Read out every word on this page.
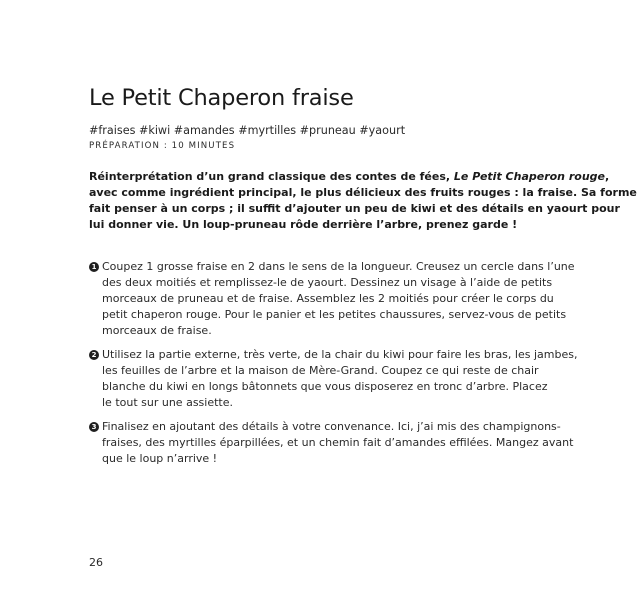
Le Petit Chaperon fraise
#fraises #kiwi #amandes #myrtilles #pruneau #yaourt
PRÉPARATION : 10 MINUTES

Réinterprétation d’un grand classique des contes de fées, Le Petit Chaperon rouge,
avec comme ingrédient principal, le plus délicieux des fruits rouges : la fraise. Sa forme
fait penser à un corps ; il suffit d’ajouter un peu de kiwi et des détails en yaourt pour
lui donner vie. Un loup-pruneau rôde derrière l’arbre, prenez garde !

1 Coupez 1 grosse fraise en 2 dans le sens de la longueur. Creusez un cercle dans l’une
des deux moitiés et remplissez-le de yaourt. Dessinez un visage à l’aide de petits
morceaux de pruneau et de fraise. Assemblez les 2 moitiés pour créer le corps du
petit chaperon rouge. Pour le panier et les petites chaussures, servez-vous de petits
morceaux de fraise.
2 Utilisez la partie externe, très verte, de la chair du kiwi pour faire les bras, les jambes,
les feuilles de l’arbre et la maison de Mère-Grand. Coupez ce qui reste de chair
blanche du kiwi en longs bâtonnets que vous disposerez en tronc d’arbre. Placez
le tout sur une assiette.
3 Finalisez en ajoutant des détails à votre convenance. Ici, j’ai mis des champignons-
fraises, des myrtilles éparpillées, et un chemin fait d’amandes effilées. Mangez avant
que le loup n’arrive !
26
